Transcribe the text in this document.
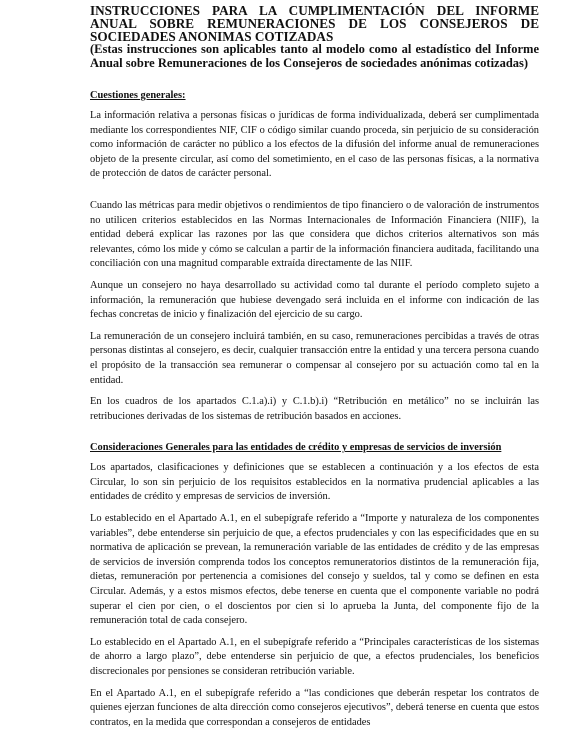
INSTRUCCIONES PARA LA CUMPLIMENTACIÓN DEL INFORME ANUAL SOBRE REMUNERACIONES DE LOS CONSEJEROS DE SOCIEDADES ANONIMAS COTIZADAS

(Estas instrucciones son aplicables tanto al modelo como al estadístico del Informe Anual sobre Remuneraciones de los Consejeros de sociedades anónimas cotizadas)

Cuestiones generales:

La información relativa a personas físicas o jurídicas de forma individualizada, deberá ser cumplimentada mediante los correspondientes NIF, CIF o código similar cuando proceda, sin perjuicio de su consideración como información de carácter no público a los efectos de la difusión del informe anual de remuneraciones objeto de la presente circular, así como del sometimiento, en el caso de las personas físicas, a la normativa de protección de datos de carácter personal.

Cuando las métricas para medir objetivos o rendimientos de tipo financiero o de valoración de instrumentos no utilicen criterios establecidos en las Normas Internacionales de Información Financiera (NIIF), la entidad deberá explicar las razones por las que considera que dichos criterios alternativos son más relevantes, cómo los mide y cómo se calculan a partir de la información financiera auditada, facilitando una conciliación con una magnitud comparable extraída directamente de las NIIF.

Aunque un consejero no haya desarrollado su actividad como tal durante el período completo sujeto a información, la remuneración que hubiese devengado será incluida en el informe con indicación de las fechas concretas de inicio y finalización del ejercicio de su cargo.

La remuneración de un consejero incluirá también, en su caso, remuneraciones percibidas a través de otras personas distintas al consejero, es decir, cualquier transacción entre la entidad y una tercera persona cuando el propósito de la transacción sea remunerar o compensar al consejero por su actuación como tal en la entidad.

En los cuadros de los apartados C.1.a).i) y C.1.b).i) “Retribución en metálico” no se incluirán las retribuciones derivadas de los sistemas de retribución basados en acciones.

Consideraciones Generales para las entidades de crédito y empresas de servicios de inversión

Los apartados, clasificaciones y definiciones que se establecen a continuación y a los efectos de esta Circular, lo son sin perjuicio de los requisitos establecidos en la normativa prudencial aplicables a las entidades de crédito y empresas de servicios de inversión.

Lo establecido en el Apartado A.1, en el subepígrafe referido a “Importe y naturaleza de los componentes variables”, debe entenderse sin perjuicio de que, a efectos prudenciales y con las especificidades que en su normativa de aplicación se prevean, la remuneración variable de las entidades de crédito y de las empresas de servicios de inversión comprenda todos los conceptos remuneratorios distintos de la remuneración fija, dietas, remuneración por pertenencia a comisiones del consejo y sueldos, tal y como se definen en esta Circular. Además, y a estos mismos efectos, debe tenerse en cuenta que el componente variable no podrá superar el cien por cien, o el doscientos por cien si lo aprueba la Junta, del componente fijo de la remuneración total de cada consejero.

Lo establecido en el Apartado A.1, en el subepígrafe referido a “Principales características de los sistemas de ahorro a largo plazo”, debe entenderse sin perjuicio de que, a efectos prudenciales, los beneficios discrecionales por pensiones se consideran retribución variable.

En el Apartado A.1, en el subepígrafe referido a “las condiciones que deberán respetar los contratos de quienes ejerzan funciones de alta dirección como consejeros ejecutivos”, deberá tenerse en cuenta que estos contratos, en la medida que correspondan a consejeros de entidades
